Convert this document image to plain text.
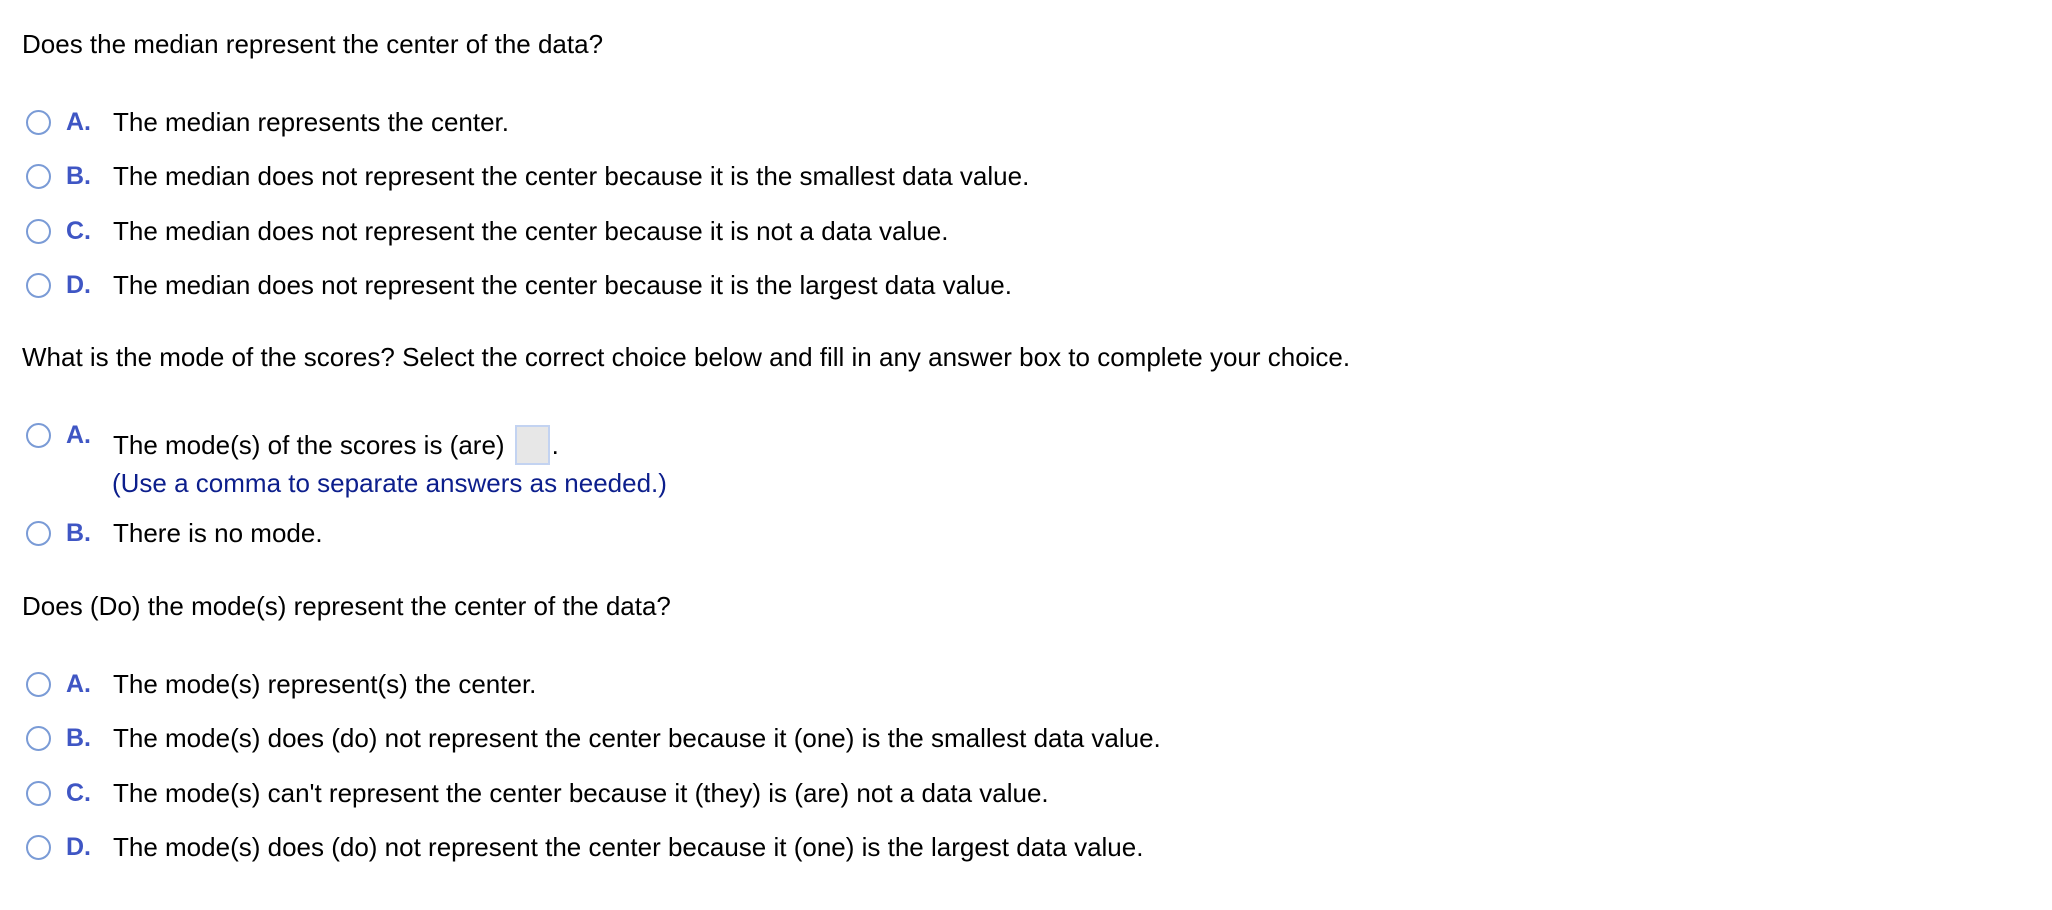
Does the median represent the center of the data?

A. The median represents the center.
B. The median does not represent the center because it is the smallest data value.
C. The median does not represent the center because it is not a data value.
D. The median does not represent the center because it is the largest data value.

What is the mode of the scores? Select the correct choice below and fill in any answer box to complete your choice.

A. The mode(s) of the scores is (are) .

(Use a comma to separate answers as needed.)

B. There is no mode.

Does (Do) the mode(s) represent the center of the data?

A. The mode(s) represent(s) the center.
B. The mode(s) does (do) not represent the center because it (one) is the smallest data value.
C. The mode(s) can't represent the center because it (they) is (are) not a data value.
D. The mode(s) does (do) not represent the center because it (one) is the largest data value.
